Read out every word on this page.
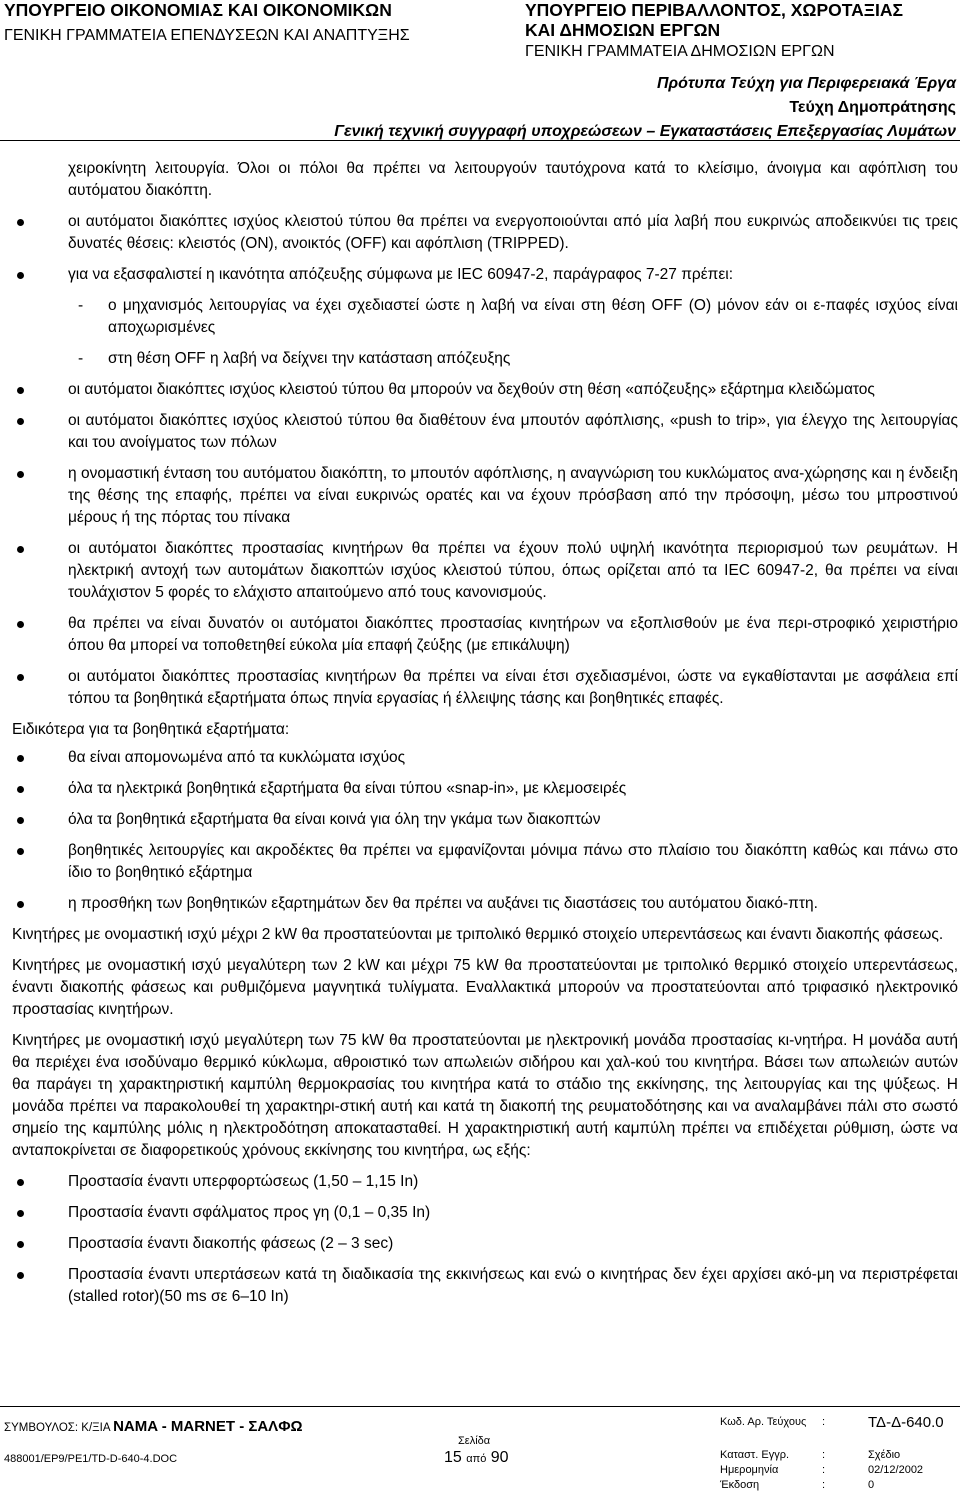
ΥΠΟΥΡΓΕΙΟ ΟΙΚΟΝΟΜΙΑΣ ΚΑΙ ΟΙΚΟΝΟΜΙΚΩΝ
ΓΕΝΙΚΗ ΓΡΑΜΜΑΤΕΙΑ ΕΠΕΝΔΥΣΕΩΝ ΚΑΙ ΑΝΑΠΤΥΞΗΣ
ΥΠΟΥΡΓΕΙΟ ΠΕΡΙΒΑΛΛΟΝΤΟΣ, ΧΩΡΟΤΑΞΙΑΣ
ΚΑΙ ΔΗΜΟΣΙΩΝ ΕΡΓΩΝ
ΓΕΝΙΚΗ ΓΡΑΜΜΑΤΕΙΑ ΔΗΜΟΣΙΩΝ ΕΡΓΩΝ
Πρότυπα Τεύχη για Περιφερειακά Έργα
Τεύχη Δημοπράτησης
Γενική τεχνική συγγραφή υποχρεώσεων – Εγκαταστάσεις Επεξεργασίας Λυμάτων
χειροκίνητη λειτουργία. Όλοι οι πόλοι θα πρέπει να λειτουργούν ταυτόχρονα κατά το κλείσιμο, άνοιγμα και αφόπλιση του αυτόματου διακόπτη.
οι αυτόματοι διακόπτες ισχύος κλειστού τύπου θα πρέπει να ενεργοποιούνται από μία λαβή που ευκρινώς αποδεικνύει τις τρεις δυνατές θέσεις: κλειστός (ON), ανοικτός (OFF) και αφόπλιση (TRIPPED).
για να εξασφαλιστεί η ικανότητα απόζευξης σύμφωνα με IEC 60947-2, παράγραφος 7-27 πρέπει:
- ο μηχανισμός λειτουργίας να έχει σχεδιαστεί ώστε η λαβή να είναι στη θέση OFF (O) μόνον εάν οι ε-παφές ισχύος είναι αποχωρισμένες
- στη θέση OFF η λαβή να δείχνει την κατάσταση απόζευξης
οι αυτόματοι διακόπτες ισχύος κλειστού τύπου θα μπορούν να δεχθούν στη θέση «απόζευξης» εξάρτημα κλειδώματος
οι αυτόματοι διακόπτες ισχύος κλειστού τύπου θα διαθέτουν ένα μπουτόν αφόπλισης, «push to trip», για έλεγχο της λειτουργίας και του ανοίγματος των πόλων
η ονομαστική ένταση του αυτόματου διακόπτη, το μπουτόν αφόπλισης, η αναγνώριση του κυκλώματος ανα-χώρησης και η ένδειξη της θέσης της επαφής, πρέπει να είναι ευκρινώς ορατές και να έχουν πρόσβαση από την πρόσοψη, μέσω του μπροστινού μέρους ή της πόρτας του πίνακα
οι αυτόματοι διακόπτες προστασίας κινητήρων θα πρέπει να έχουν πολύ υψηλή ικανότητα περιορισμού των ρευμάτων. Η ηλεκτρική αντοχή των αυτομάτων διακοπτών ισχύος κλειστού τύπου, όπως ορίζεται από τα IEC 60947-2, θα πρέπει να είναι τουλάχιστον 5 φορές το ελάχιστο απαιτούμενο από τους κανονισμούς.
θα πρέπει να είναι δυνατόν οι αυτόματοι διακόπτες προστασίας κινητήρων να εξοπλισθούν με ένα περι-στροφικό χειριστήριο όπου θα μπορεί να τοποθετηθεί εύκολα μία επαφή ζεύξης (με επικάλυψη)
οι αυτόματοι διακόπτες προστασίας κινητήρων θα πρέπει να είναι έτσι σχεδιασμένοι, ώστε να εγκαθίστανται με ασφάλεια επί τόπου τα βοηθητικά εξαρτήματα όπως πηνία εργασίας ή έλλειψης τάσης και βοηθητικές επαφές.
Ειδικότερα για τα βοηθητικά εξαρτήματα:
θα είναι απομονωμένα από τα κυκλώματα ισχύος
όλα τα ηλεκτρικά βοηθητικά εξαρτήματα θα είναι τύπου «snap-in», με κλεμοσειρές
όλα τα βοηθητικά εξαρτήματα θα είναι κοινά για όλη την γκάμα των διακοπτών
βοηθητικές λειτουργίες και ακροδέκτες θα πρέπει να εμφανίζονται μόνιμα πάνω στο πλαίσιο του διακόπτη καθώς και πάνω στο ίδιο το βοηθητικό εξάρτημα
η προσθήκη των βοηθητικών εξαρτημάτων δεν θα πρέπει να αυξάνει τις διαστάσεις του αυτόματου διακό-πτη.
Κινητήρες με ονομαστική ισχύ μέχρι 2 kW θα προστατεύονται με τριπολικό θερμικό στοιχείο υπερεντάσεως και έναντι διακοπής φάσεως.
Κινητήρες με ονομαστική ισχύ μεγαλύτερη των 2 kW και μέχρι 75 kW θα προστατεύονται με τριπολικό θερμικό στοιχείο υπερεντάσεως, έναντι διακοπής φάσεως και ρυθμιζόμενα μαγνητικά τυλίγματα. Εναλλακτικά μπορούν να προστατεύονται από τριφασικό ηλεκτρονικό προστασίας κινητήρων.
Κινητήρες με ονομαστική ισχύ μεγαλύτερη των 75 kW θα προστατεύονται με ηλεκτρονική μονάδα προστασίας κι-νητήρα. Η μονάδα αυτή θα περιέχει ένα ισοδύναμο θερμικό κύκλωμα, αθροιστικό των απωλειών σιδήρου και χαλ-κού του κινητήρα. Βάσει των απωλειών αυτών θα παράγει τη χαρακτηριστική καμπύλη θερμοκρασίας του κινητήρα κατά το στάδιο της εκκίνησης, της λειτουργίας και της ψύξεως. Η μονάδα πρέπει να παρακολουθεί τη χαρακτηρι-στική αυτή και κατά τη διακοπή της ρευματοδότησης και να αναλαμβάνει πάλι στο σωστό σημείο της καμπύλης μόλις η ηλεκτροδότηση αποκατασταθεί. Η χαρακτηριστική αυτή καμπύλη πρέπει να επιδέχεται ρύθμιση, ώστε να ανταποκρίνεται σε διαφορετικούς χρόνους εκκίνησης του κινητήρα, ως εξής:
Προστασία έναντι υπερφορτώσεως (1,50 – 1,15 In)
Προστασία έναντι σφάλματος προς γη (0,1 – 0,35 In)
Προστασία έναντι διακοπής φάσεως (2 – 3 sec)
Προστασία έναντι υπερτάσεων κατά τη διαδικασία της εκκινήσεως και ενώ ο κινητήρας δεν έχει αρχίσει ακό-μη να περιστρέφεται (stalled rotor)(50 ms σε 6–10 In)
ΣΥΜΒΟΥΛΟΣ: Κ/ΞΙΑ NAMA - MARNET - ΣΑΛΦΩ
488001/EP9/PE1/TD-D-640-4.DOC
Σελίδα
15 από 90
Κωδ. Αρ. Τεύχους	:	ΤΔ-Δ-640.0
Καταστ. Εγγρ.	:	Σχέδιο
Ημερομηνία	:	02/12/2002
Έκδοση	:	0
